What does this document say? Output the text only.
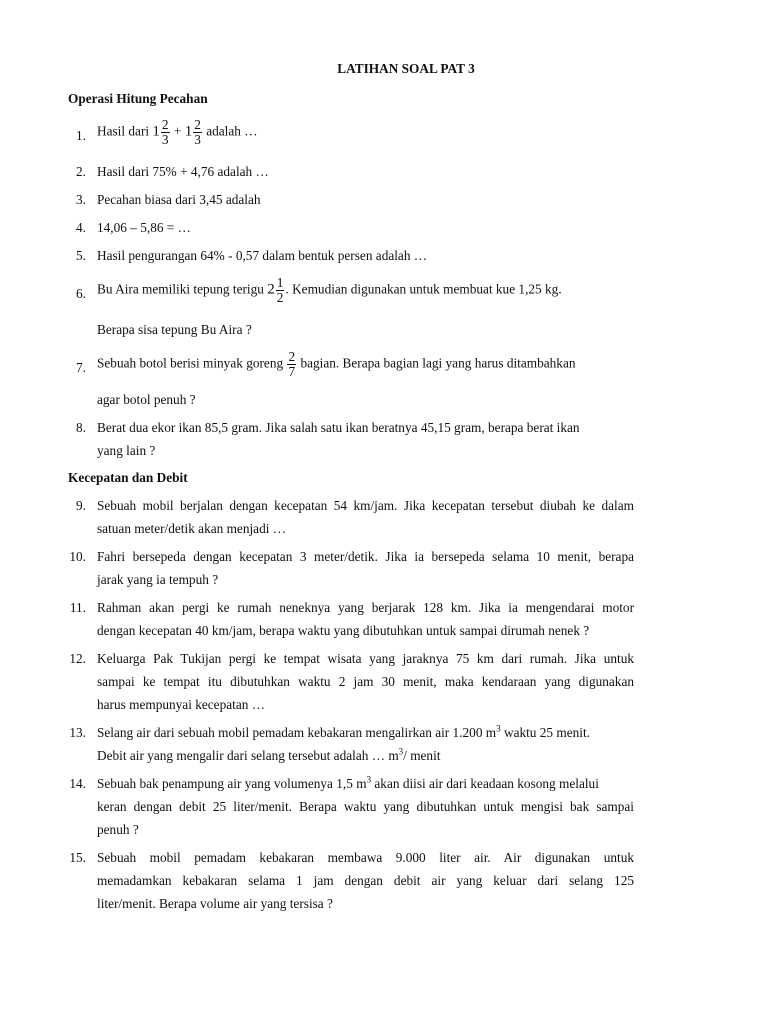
LATIHAN SOAL PAT 3
Operasi Hitung Pecahan
1. Hasil dari $1 \frac{2}{3} + 1 \frac{2}{3}$ adalah …
2. Hasil dari 75% + 4,76 adalah …
3. Pecahan biasa dari 3,45 adalah
4. 14,06 – 5,86 = …
5. Hasil pengurangan 64% - 0,57 dalam bentuk persen adalah …
6. Bu Aira memiliki tepung terigu $2 \frac{1}{2}$ . Kemudian digunakan untuk membuat kue 1,25 kg.
Berapa sisa tepung Bu Aira ?
7. Sebuah botol berisi minyak goreng $\frac{2}{7}$ bagian. Berapa bagian lagi yang harus ditambahkan
agar botol penuh ?
8. Berat dua ekor ikan 85,5 gram. Jika salah satu ikan beratnya 45,15 gram, berapa berat ikan
yang lain ?
Kecepatan dan Debit
9. Sebuah mobil berjalan dengan kecepatan 54 km/jam. Jika kecepatan tersebut diubah ke dalam
satuan meter/detik akan menjadi …
10. Fahri bersepeda dengan kecepatan 3 meter/detik. Jika ia bersepeda selama 10 menit, berapa
jarak yang ia tempuh ?
11. Rahman akan pergi ke rumah neneknya yang berjarak 128 km. Jika ia mengendarai motor
dengan kecepatan 40 km/jam, berapa waktu yang dibutuhkan untuk sampai dirumah nenek ?
12. Keluarga Pak Tukijan pergi ke tempat wisata yang jaraknya 75 km dari rumah. Jika untuk
sampai ke tempat itu dibutuhkan waktu 2 jam 30 menit, maka kendaraan yang digunakan
harus mempunyai kecepatan …
13. Selang air dari sebuah mobil pemadam kebakaran mengalirkan air 1.200 $m^3$ waktu 25 menit.
Debit air yang mengalir dari selang tersebut adalah … $m^3/$ menit
14. Sebuah bak penampung air yang volumenya 1,5 $m^3$ akan diisi air dari keadaan kosong melalui
keran dengan debit 25 liter/menit. Berapa waktu yang dibutuhkan untuk mengisi bak sampai
penuh ?
15. Sebuah mobil pemadam kebakaran membawa 9.000 liter air. Air digunakan untuk
memadamkan kebakaran selama 1 jam dengan debit air yang keluar dari selang 125
liter/menit. Berapa volume air yang tersisa ?
